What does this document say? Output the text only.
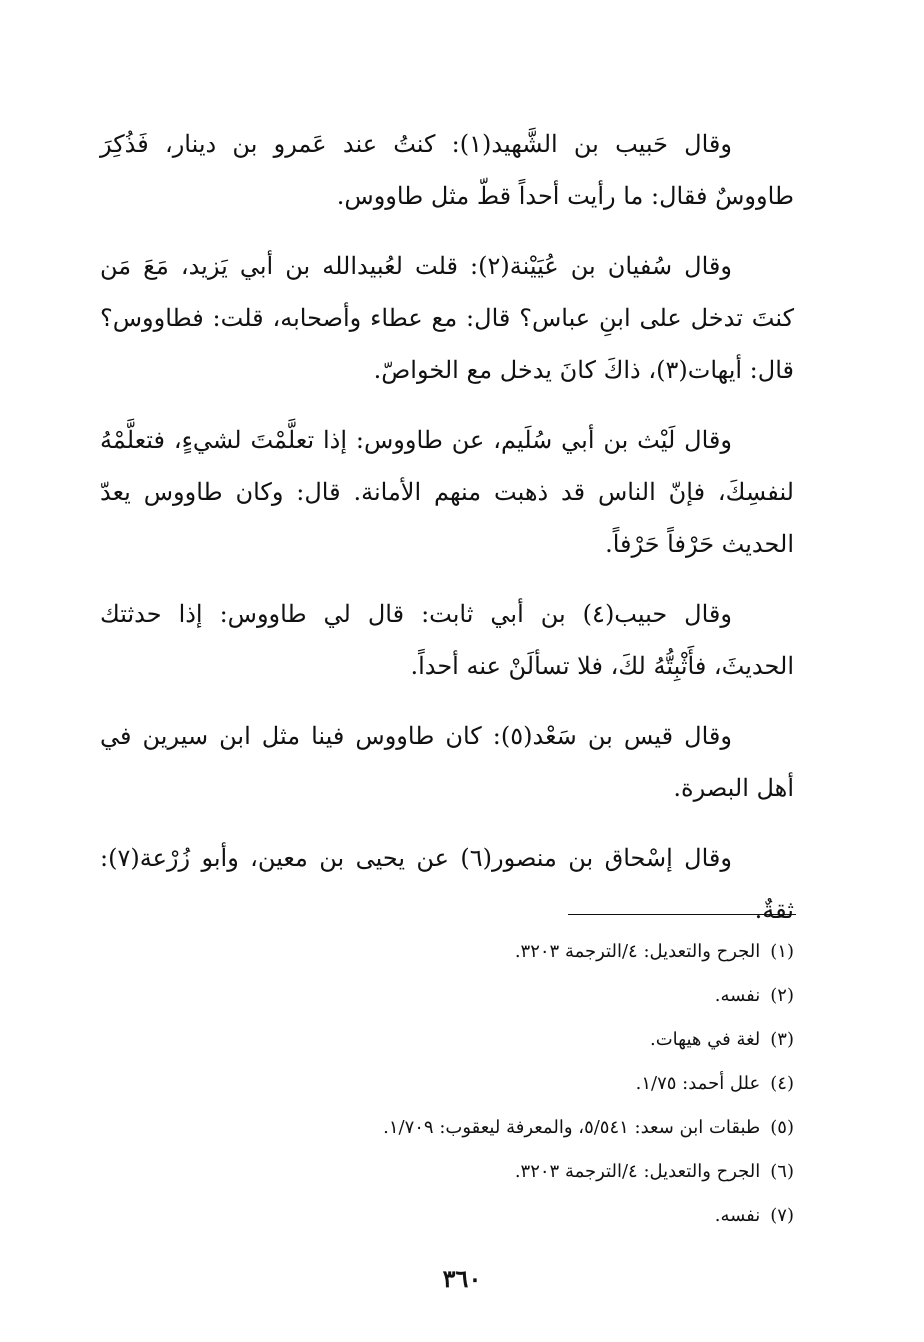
وقال حَبيب بن الشَّهيد(١): كنتُ عند عَمرو بن دينار، فَذُكِرَ طاووسٌ فقال: ما رأيت أحداً قطّ مثل طاووس.

وقال سُفيان بن عُيَيْنة(٢): قلت لعُبيدالله بن أبي يَزيد، مَعَ مَن كنتَ تدخل على ابنِ عباس؟ قال: مع عطاء وأصحابه، قلت: فطاووس؟ قال: أيهات(٣)، ذاكَ كانَ يدخل مع الخواصّ.

وقال لَيْث بن أبي سُلَيم، عن طاووس: إذا تعلَّمْتَ لشيءٍ، فتعلَّمْهُ لنفسِكَ، فإنّ الناس قد ذهبت منهم الأمانة. قال: وكان طاووس يعدّ الحديث حَرْفاً حَرْفاً.

وقال حبيب(٤) بن أبي ثابت: قال لي طاووس: إذا حدثتك الحديثَ، فأَثْبِتُّهُ لكَ، فلا تسألَنْ عنه أحداً.

وقال قيس بن سَعْد(٥): كان طاووس فينا مثل ابن سيرين في أهل البصرة.

وقال إسْحاق بن منصور(٦) عن يحيى بن معين، وأبو زُرْعة(٧): ثقةٌ.

(١)الجرح والتعديل: ٤/الترجمة ٣٢٠٣.

(٢)نفسه.

(٣)لغة في هيهات.

(٤)علل أحمد: ١/٧٥.

(٥)طبقات ابن سعد: ٥/٥٤١، والمعرفة ليعقوب: ١/٧٠٩.

(٦)الجرح والتعديل: ٤/الترجمة ٣٢٠٣.

(٧)نفسه.

٣٦٠
